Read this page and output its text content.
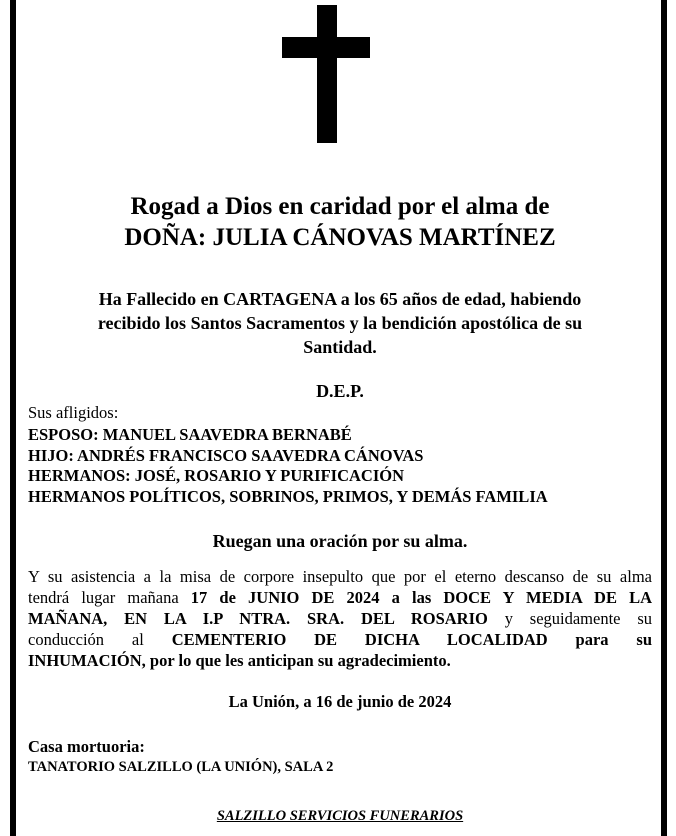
Rogad a Dios en caridad por el alma de
DOÑA: JULIA CÁNOVAS MARTÍNEZ
Ha Fallecido en CARTAGENA a los 65 años de edad, habiendo
recibido los Santos Sacramentos y la bendición apostólica de su
Santidad.
D.E.P.
Sus afligidos:
ESPOSO: MANUEL SAAVEDRA BERNABÉ
HIJO: ANDRÉS FRANCISCO SAAVEDRA CÁNOVAS
HERMANOS: JOSÉ, ROSARIO Y PURIFICACIÓN
HERMANOS POLÍTICOS, SOBRINOS, PRIMOS, Y DEMÁS FAMILIA
Ruegan una oración por su alma.
Y su asistencia a la misa de corpore insepulto que por el eterno descanso de su alma
tendrá lugar mañana 17 de JUNIO DE 2024 a las DOCE Y MEDIA DE LA
MAÑANA, EN LA I.P NTRA. SRA. DEL ROSARIO y seguidamente su
conducción al CEMENTERIO DE DICHA LOCALIDAD para su
INHUMACIÓN, por lo que les anticipan su agradecimiento.
La Unión, a 16 de junio de 2024
Casa mortuoria:
TANATORIO SALZILLO (LA UNIÓN), SALA 2
SALZILLO SERVICIOS FUNERARIOS
